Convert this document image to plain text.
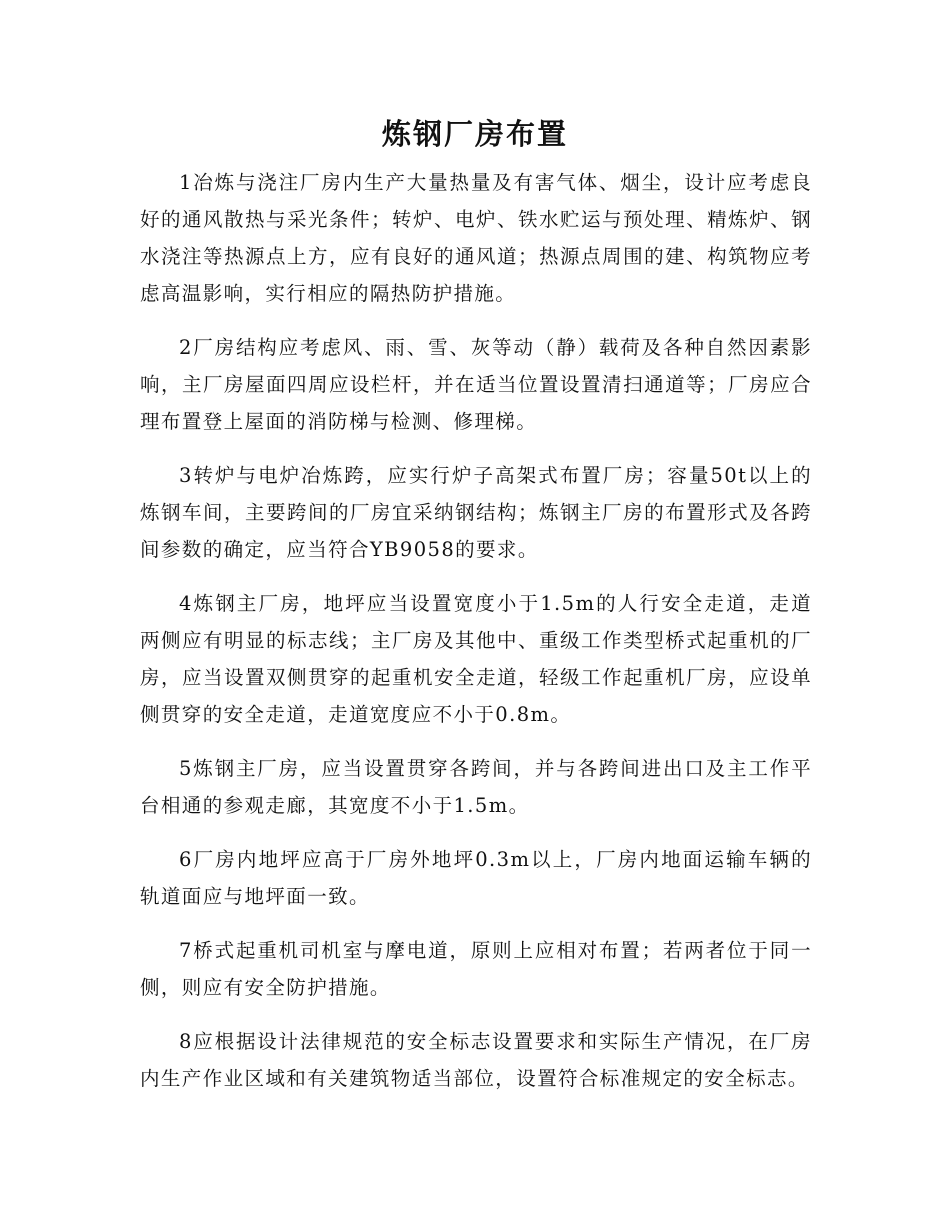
炼钢厂房布置

1冶炼与浇注厂房内生产大量热量及有害气体、烟尘，设计应考虑良好的通风散热与采光条件；转炉、电炉、铁水贮运与预处理、精炼炉、钢水浇注等热源点上方，应有良好的通风道；热源点周围的建、构筑物应考虑高温影响，实行相应的隔热防护措施。

2厂房结构应考虑风、雨、雪、灰等动（静）载荷及各种自然因素影响，主厂房屋面四周应设栏杆，并在适当位置设置清扫通道等；厂房应合理布置登上屋面的消防梯与检测、修理梯。

3转炉与电炉冶炼跨，应实行炉子高架式布置厂房；容量50t以上的炼钢车间，主要跨间的厂房宜采纳钢结构；炼钢主厂房的布置形式及各跨间参数的确定，应当符合YB9058的要求。

4炼钢主厂房，地坪应当设置宽度小于1.5m的人行安全走道，走道两侧应有明显的标志线；主厂房及其他中、重级工作类型桥式起重机的厂房，应当设置双侧贯穿的起重机安全走道，轻级工作起重机厂房，应设单侧贯穿的安全走道，走道宽度应不小于0.8m。

5炼钢主厂房，应当设置贯穿各跨间，并与各跨间进出口及主工作平台相通的参观走廊，其宽度不小于1.5m。

6厂房内地坪应高于厂房外地坪0.3m以上，厂房内地面运输车辆的轨道面应与地坪面一致。

7桥式起重机司机室与摩电道，原则上应相对布置；若两者位于同一侧，则应有安全防护措施。

8应根据设计法律规范的安全标志设置要求和实际生产情况，在厂房内生产作业区域和有关建筑物适当部位，设置符合标准规定的安全标志。
